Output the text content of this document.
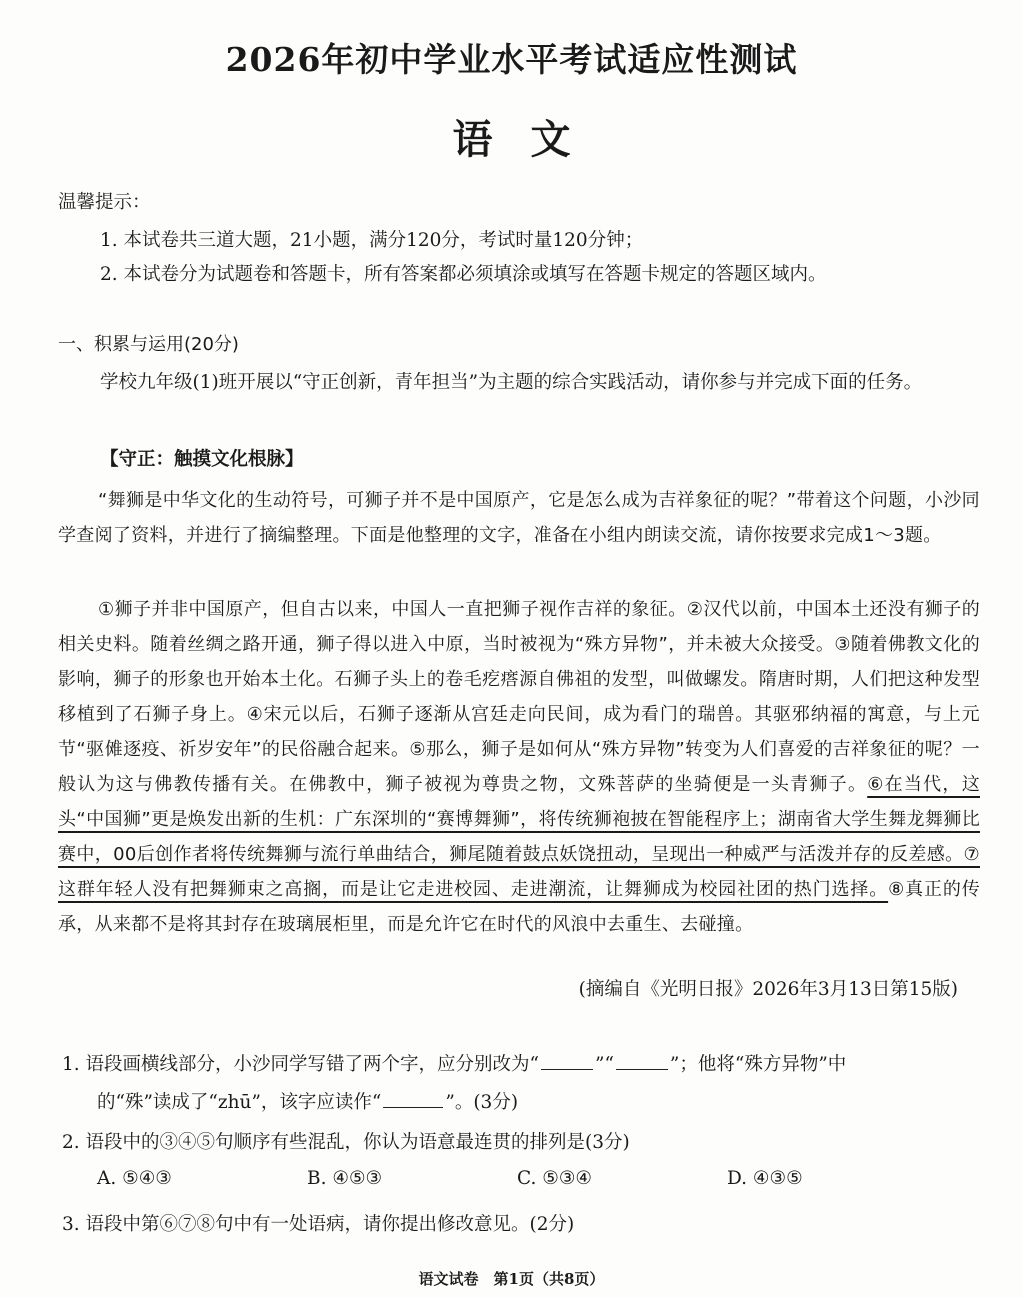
2026年初中学业水平考试适应性测试
语文
温馨提示：
1. 本试卷共三道大题，21小题，满分120分，考试时量120分钟；
2. 本试卷分为试题卷和答题卡，所有答案都必须填涂或填写在答题卡规定的答题区域内。
一、积累与运用(20分)
学校九年级(1)班开展以“守正创新，青年担当”为主题的综合实践活动，请你参与并完成下面的任务。
【守正：触摸文化根脉】
“舞狮是中华文化的生动符号，可狮子并不是中国原产，它是怎么成为吉祥象征的呢？”带着这个问题，小沙同学查阅了资料，并进行了摘编整理。下面是他整理的文字，准备在小组内朗读交流，请你按要求完成1～3题。
①狮子并非中国原产，但自古以来，中国人一直把狮子视作吉祥的象征。②汉代以前，中国本土还没有狮子的相关史料。随着丝绸之路开通，狮子得以进入中原，当时被视为“殊方异物”，并未被大众接受。③随着佛教文化的影响，狮子的形象也开始本土化。石狮子头上的卷毛疙瘩源自佛祖的发型，叫做螺发。隋唐时期，人们把这种发型移植到了石狮子身上。④宋元以后，石狮子逐渐从宫廷走向民间，成为看门的瑞兽。其驱邪纳福的寓意，与上元节“驱傩逐疫、祈岁安年”的民俗融合起来。⑤那么，狮子是如何从“殊方异物”转变为人们喜爱的吉祥象征的呢？一般认为这与佛教传播有关。在佛教中，狮子被视为尊贵之物，文殊菩萨的坐骑便是一头青狮子。⑥在当代，这头“中国狮”更是焕发出新的生机：广东深圳的“赛博舞狮”，将传统狮袍披在智能程序上；湖南省大学生舞龙舞狮比赛中，00后创作者将传统舞狮与流行单曲结合，狮尾随着鼓点妖饶扭动，呈现出一种威严与活泼并存的反差感。⑦这群年轻人没有把舞狮束之高搁，而是让它走进校园、走进潮流，让舞狮成为校园社团的热门选择。⑧真正的传承，从来都不是将其封存在玻璃展柜里，而是允许它在时代的风浪中去重生、去碰撞。
(摘编自《光明日报》2026年3月13日第15版)
1. 语段画横线部分，小沙同学写错了两个字，应分别改为“	”“	”；他将“殊方异物”中
的“殊”读成了“zhū”，该字应读作“	”。(3分)
2. 语段中的③④⑤句顺序有些混乱，你认为语意最连贯的排列是(3分)
A. ⑤④③	B. ④⑤③	C. ⑤③④	D. ④③⑤
3. 语段中第⑥⑦⑧句中有一处语病，请你提出修改意见。(2分)
语文试卷　第1页（共8页）
